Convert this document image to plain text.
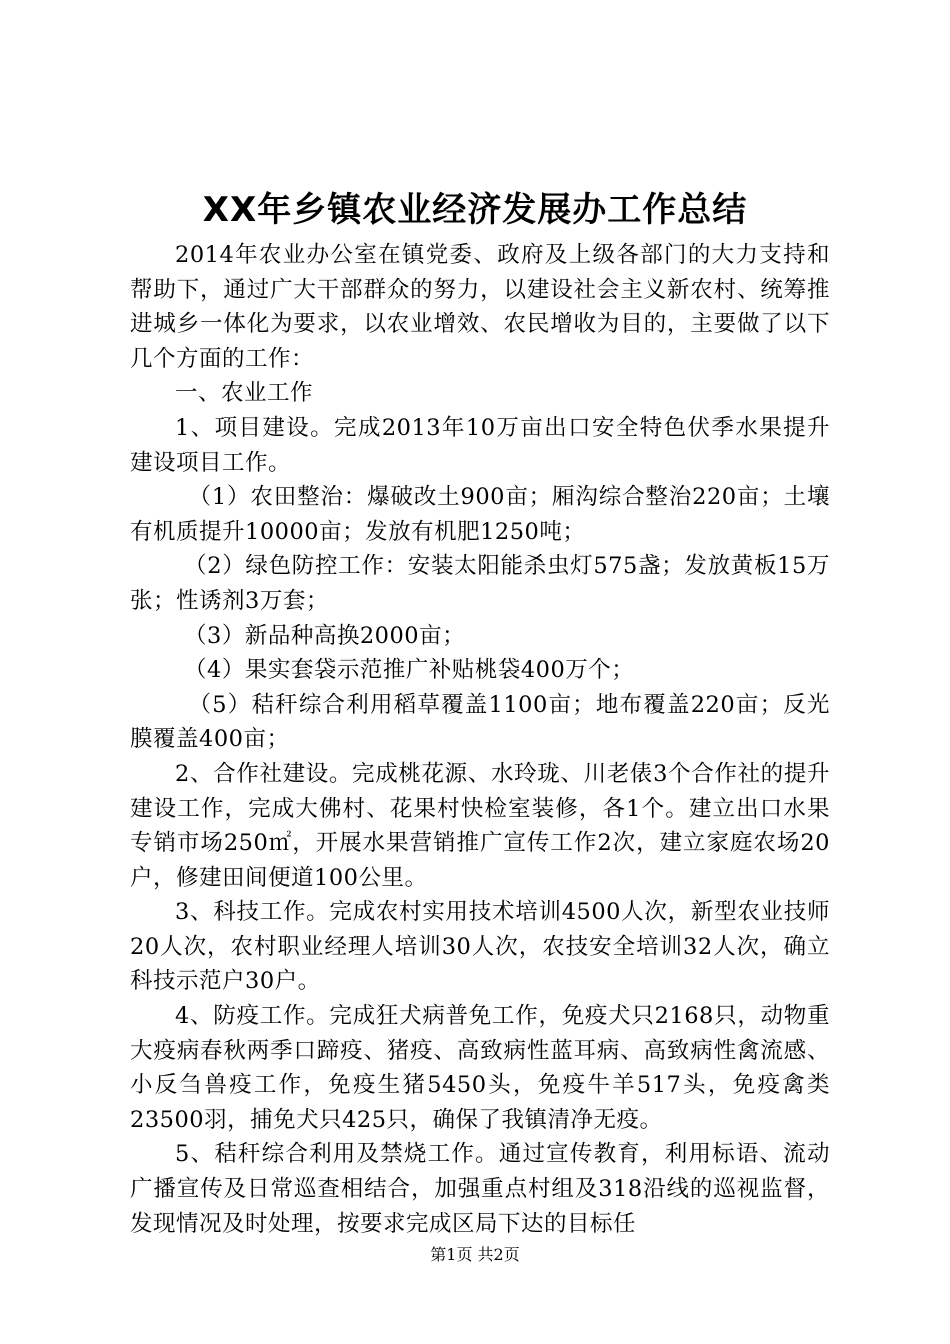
XX年乡镇农业经济发展办工作总结

2014年农业办公室在镇党委、政府及上级各部门的大力支持和帮助下，通过广大干部群众的努力，以建设社会主义新农村、统筹推进城乡一体化为要求，以农业增效、农民增收为目的，主要做了以下几个方面的工作：

一、农业工作

1、项目建设。完成2013年10万亩出口安全特色伏季水果提升建设项目工作。

（1）农田整治：爆破改土900亩；厢沟综合整治220亩；土壤有机质提升10000亩；发放有机肥1250吨；

（2）绿色防控工作：安装太阳能杀虫灯575盏；发放黄板15万张；性诱剂3万套；

（3）新品种高换2000亩；

（4）果实套袋示范推广补贴桃袋400万个；

（5）秸秆综合利用稻草覆盖1100亩；地布覆盖220亩；反光膜覆盖400亩；

2、合作社建设。完成桃花源、水玲珑、川老俵3个合作社的提升建设工作，完成大佛村、花果村快检室装修，各1个。建立出口水果专销市场250㎡，开展水果营销推广宣传工作2次，建立家庭农场20户，修建田间便道100公里。

3、科技工作。完成农村实用技术培训4500人次，新型农业技师20人次，农村职业经理人培训30人次，农技安全培训32人次，确立科技示范户30户。

4、防疫工作。完成狂犬病普免工作，免疫犬只2168只，动物重大疫病春秋两季口蹄疫、猪疫、高致病性蓝耳病、高致病性禽流感、小反刍兽疫工作，免疫生猪5450头，免疫牛羊517头，免疫禽类23500羽，捕免犬只425只，确保了我镇清净无疫。

5、秸秆综合利用及禁烧工作。通过宣传教育，利用标语、流动广播宣传及日常巡查相结合，加强重点村组及318沿线的巡视监督，发现情况及时处理，按要求完成区局下达的目标任

第1页 共2页
